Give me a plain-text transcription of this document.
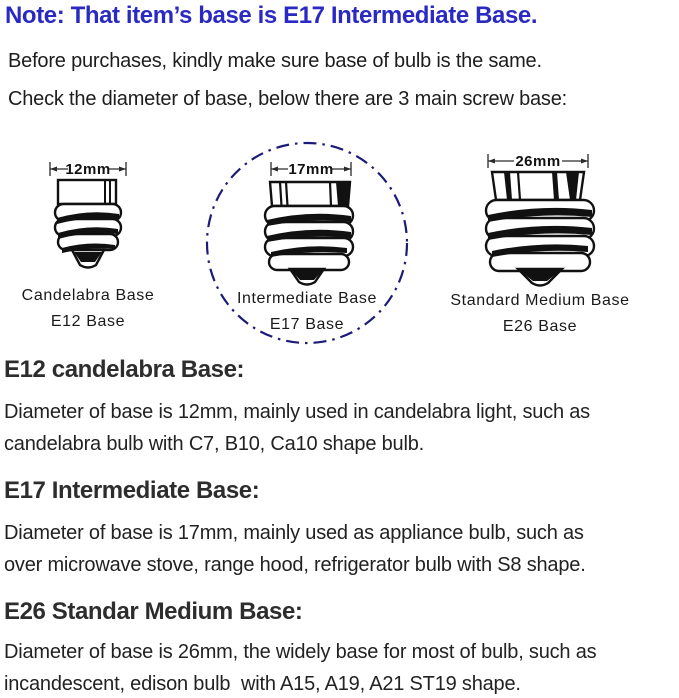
Note: That item’s base is E17 Intermediate Base.
Before purchases, kindly make sure base of bulb is the same.
Check the diameter of base, below there are 3 main screw base:
12mm	17mm	26mm
Candelabra Base
E12 Base
Intermediate Base
E17 Base
Standard Medium Base
E26 Base
E12 candelabra Base:
Diameter of base is 12mm, mainly used in candelabra light, such as
candelabra bulb with C7, B10, Ca10 shape bulb.
E17 Intermediate Base:
Diameter of base is 17mm, mainly used as appliance bulb, such as
over microwave stove, range hood, refrigerator bulb with S8 shape.
E26 Standar Medium Base:
Diameter of base is 26mm, the widely base for most of bulb, such as
incandescent, edison bulb  with A15, A19, A21 ST19 shape.
